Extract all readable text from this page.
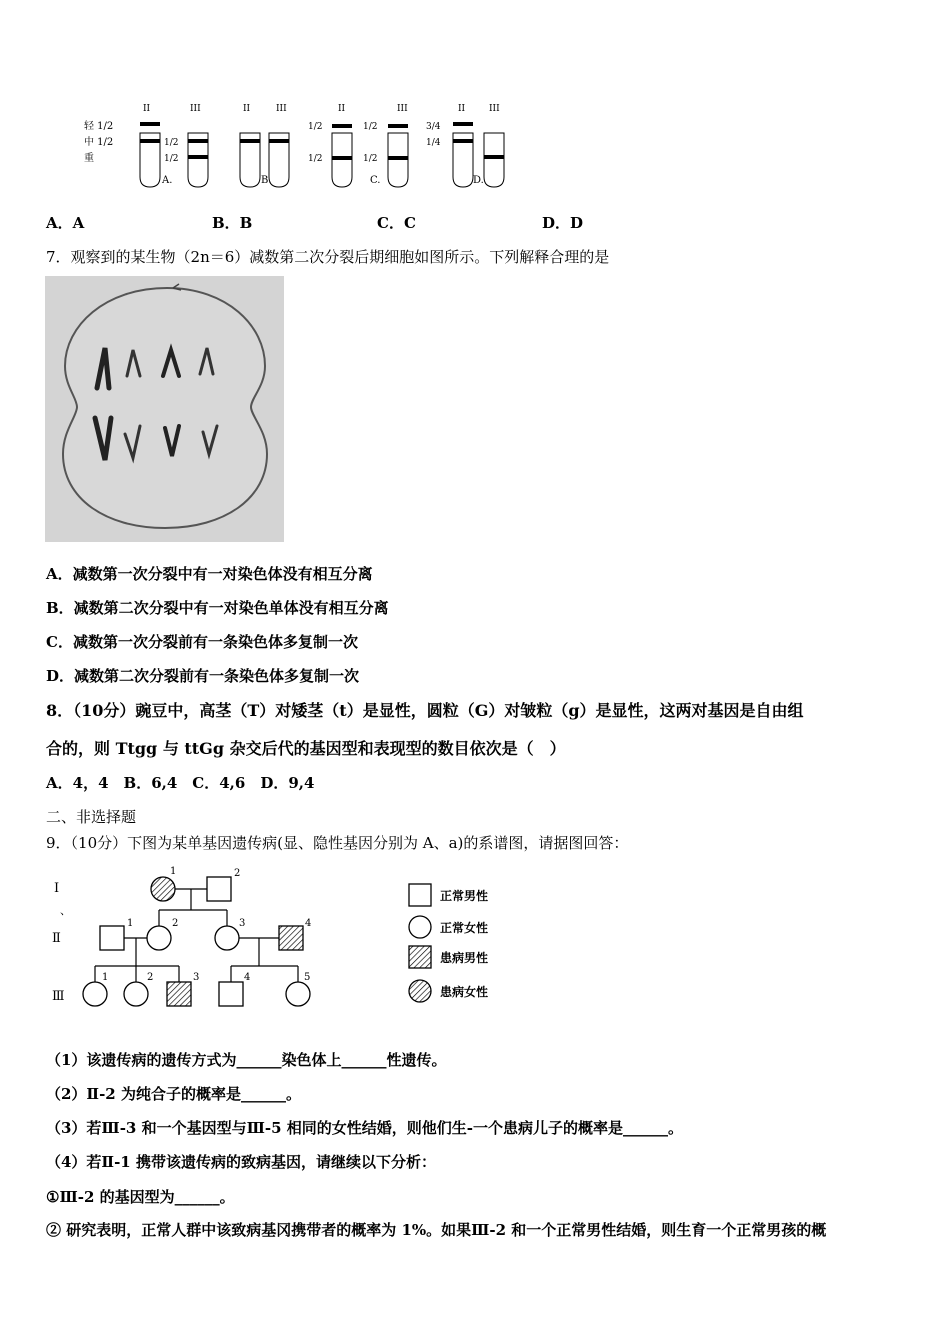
轻 1/2
中 1/2
重
II	III
1/2
1/2
A.
II	III
B.
II	III
1/2
1/2
1/2
1/2
C.
II	III
3/4
1/4
D.
A．A	B．B	C．C	D．D
7．观察到的某生物（2n＝6）减数第二次分裂后期细胞如图所示。下列解释合理的是
A．减数第一次分裂中有一对染色体没有相互分离
B．减数第二次分裂中有一对染色单体没有相互分离
C．减数第一次分裂前有一条染色体多复制一次
D．减数第二次分裂前有一条染色体多复制一次
8．（10分）豌豆中，高茎（T）对矮茎（t）是显性，圆粒（G）对皱粒（g）是显性，这两对基因是自由组
合的，则 Ttgg 与 ttGg 杂交后代的基因型和表现型的数目依次是（　）
A．4，4　B．6,4　C．4,6　D．9,4
二、非选择题
9．（10分）下图为某单基因遗传病(显、隐性基因分别为 A、a)的系谱图，请据图回答：
Ⅰ
、
Ⅱ
Ⅲ
1	2
1	2	3	4
1	2	3	4	5
正常男性
正常女性
患病男性
患病女性
（1）该遗传病的遗传方式为______染色体上______性遗传。
（2）Ⅱ-2 为纯合子的概率是______。
（3）若Ⅲ-3 和一个基因型与Ⅲ-5 相同的女性结婚，则他们生-一个患病儿子的概率是______。
（4）若Ⅱ-1 携带该遗传病的致病基因，请继续以下分析：
①Ⅲ-2 的基因型为______。
② 研究表明，正常人群中该致病基冈携带者的概率为 1%。如果Ⅲ-2 和一个正常男性结婚，则生育一个正常男孩的概
